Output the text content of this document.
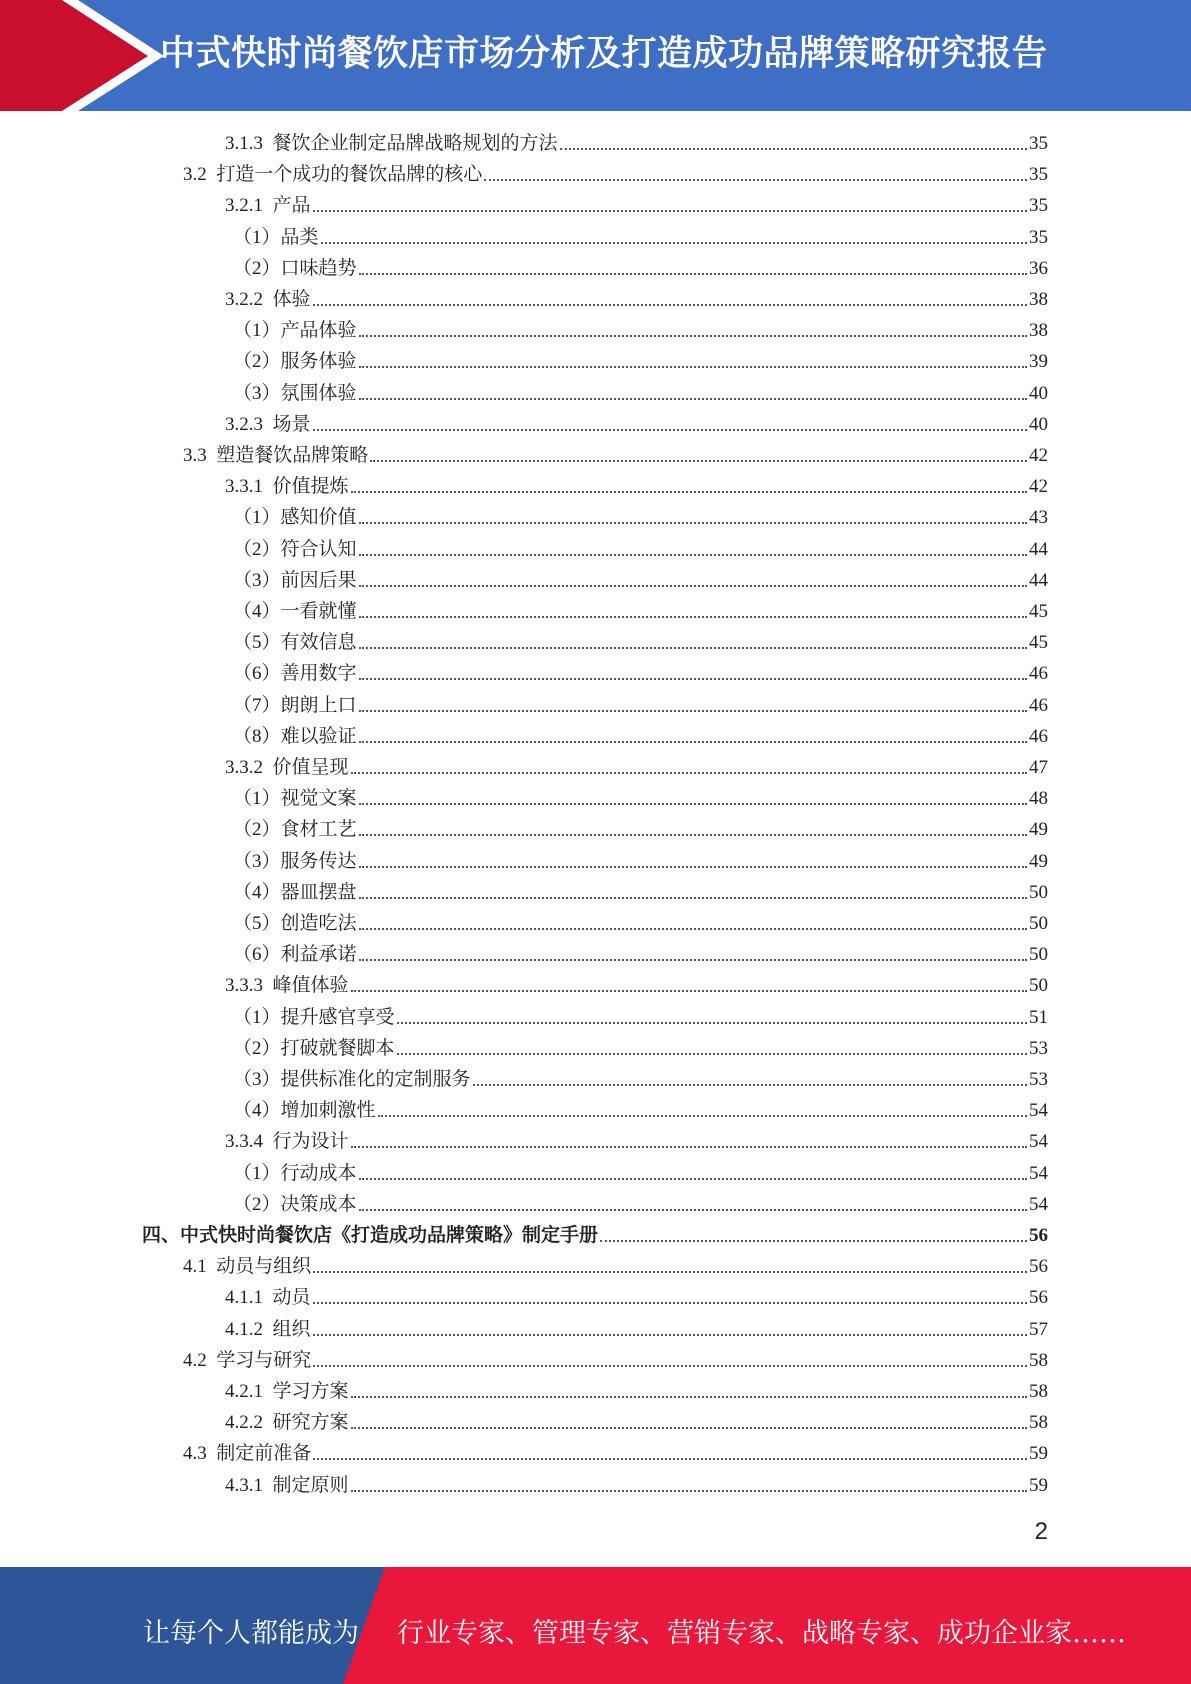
中式快时尚餐饮店市场分析及打造成功品牌策略研究报告
3.1.3  餐饮企业制定品牌战略规划的方法	35
3.2  打造一个成功的餐饮品牌的核心	35
3.2.1  产品	35
（1）品类	35
（2）口味趋势	36
3.2.2  体验	38
（1）产品体验	38
（2）服务体验	39
（3）氛围体验	40
3.2.3  场景	40
3.3  塑造餐饮品牌策略	42
3.3.1  价值提炼	42
（1）感知价值	43
（2）符合认知	44
（3）前因后果	44
（4）一看就懂	45
（5）有效信息	45
（6）善用数字	46
（7）朗朗上口	46
（8）难以验证	46
3.3.2  价值呈现	47
（1）视觉文案	48
（2）食材工艺	49
（3）服务传达	49
（4）器皿摆盘	50
（5）创造吃法	50
（6）利益承诺	50
3.3.3  峰值体验	50
（1）提升感官享受	51
（2）打破就餐脚本	53
（3）提供标准化的定制服务	53
（4）增加刺激性	54
3.3.4  行为设计	54
（1）行动成本	54
（2）决策成本	54
四、中式快时尚餐饮店《打造成功品牌策略》制定手册	56
4.1  动员与组织	56
4.1.1  动员	56
4.1.2  组织	57
4.2  学习与研究	58
4.2.1  学习方案	58
4.2.2  研究方案	58
4.3  制定前准备	59
4.3.1  制定原则	59
2
让每个人都能成为 行业专家、管理专家、营销专家、战略专家、成功企业家……
